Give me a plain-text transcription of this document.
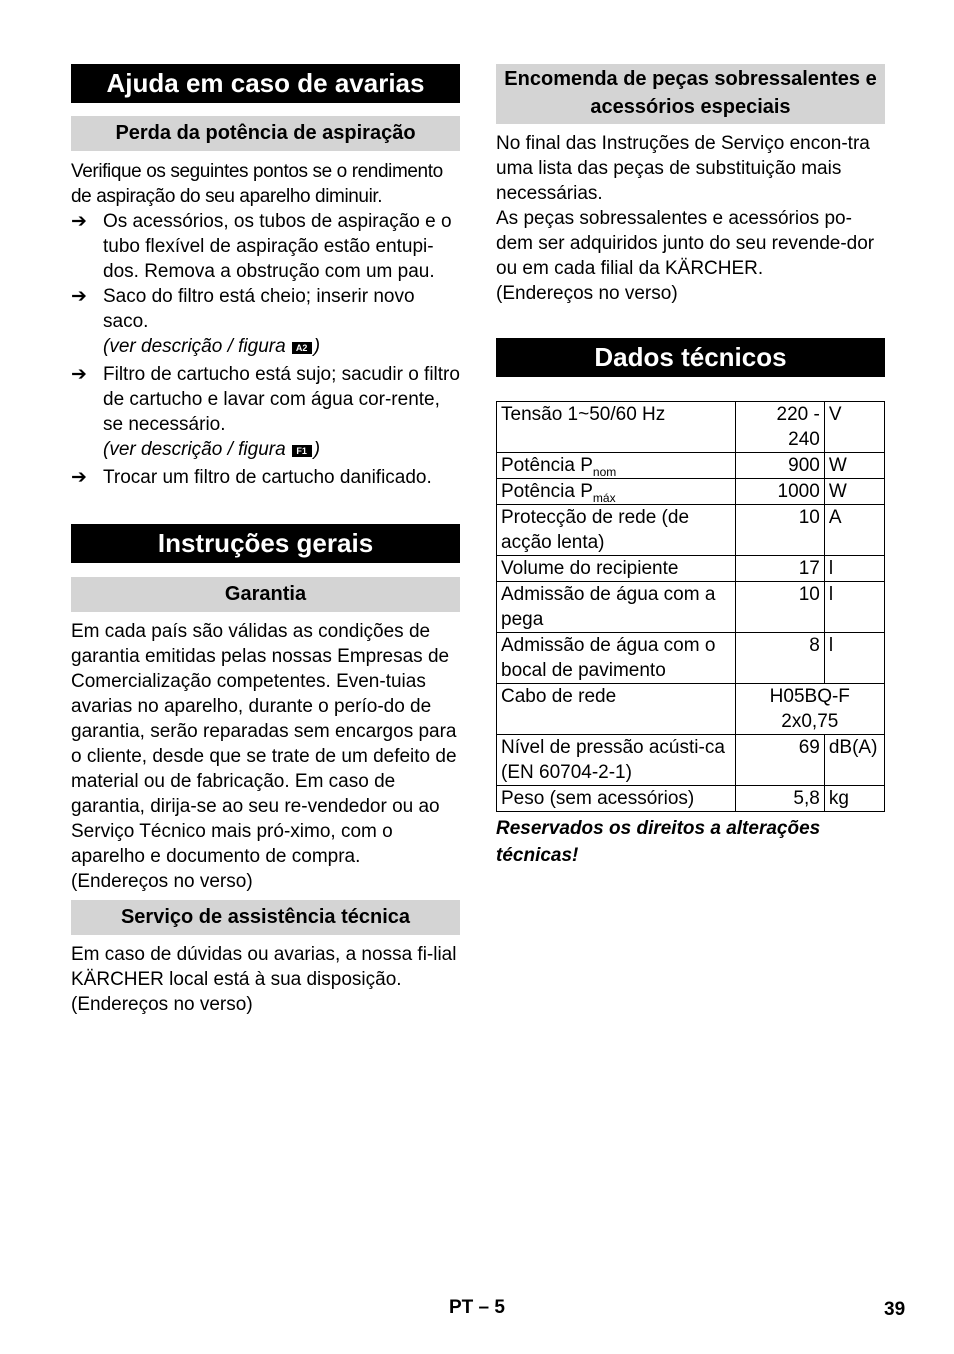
Ajuda em caso de avarias
Perda da potência de aspiração

Verifique os seguintes pontos se o rendimento de aspiração do seu aparelho diminuir.

➔ Os acessórios, os tubos de aspiração e o tubo flexível de aspiração estão entupi-dos. Remova a obstrução com um pau.
➔ Saco do filtro está cheio; inserir novo saco.
(ver descrição / figura A2 )
➔ Filtro de cartucho está sujo; sacudir o filtro de cartucho e lavar com água cor-rente, se necessário.
(ver descrição / figura F1 )
➔ Trocar um filtro de cartucho danificado.
Instruções gerais
Garantia

Em cada país são válidas as condições de garantia emitidas pelas nossas Empresas de Comercialização competentes. Even-tuias avarias no aparelho, durante o perío-do de garantia, serão reparadas sem encargos para o cliente, desde que se trate de um defeito de material ou de fabricação. Em caso de garantia, dirija-se ao seu re-vendedor ou ao Serviço Técnico mais pró-ximo, com o aparelho e documento de compra.

(Endereços no verso)

Serviço de assistência técnica

Em caso de dúvidas ou avarias, a nossa fi-lial KÄRCHER local está à sua disposição.

(Endereços no verso)

Encomenda de peças sobressalentes e acessórios especiais

No final das Instruções de Serviço encon-tra uma lista das peças de substituição mais necessárias.

As peças sobressalentes e acessórios po-dem ser adquiridos junto do seu revende-dor ou em cada filial da KÄRCHER.

(Endereços no verso)

Dados técnicos
Tensão 1~50/60 Hz	220 - 240	V
Potência $P_{nom}$	900	W
Potência $P_{máx}$	1000	W
Protecção de rede (de acção lenta)	10	A
Volume do recipiente	17	l
Admissão de água com a pega	10	l
Admissão de água com o bocal de pavimento	8	l
Cabo de rede	H05BQ-F 2x0,75	
Nível de pressão acústi-ca (EN 60704-2-1)	69	dB(A)
Peso (sem acessórios)	5,8	kg
Reservados os direitos a alterações técnicas!
PT – 5	39
